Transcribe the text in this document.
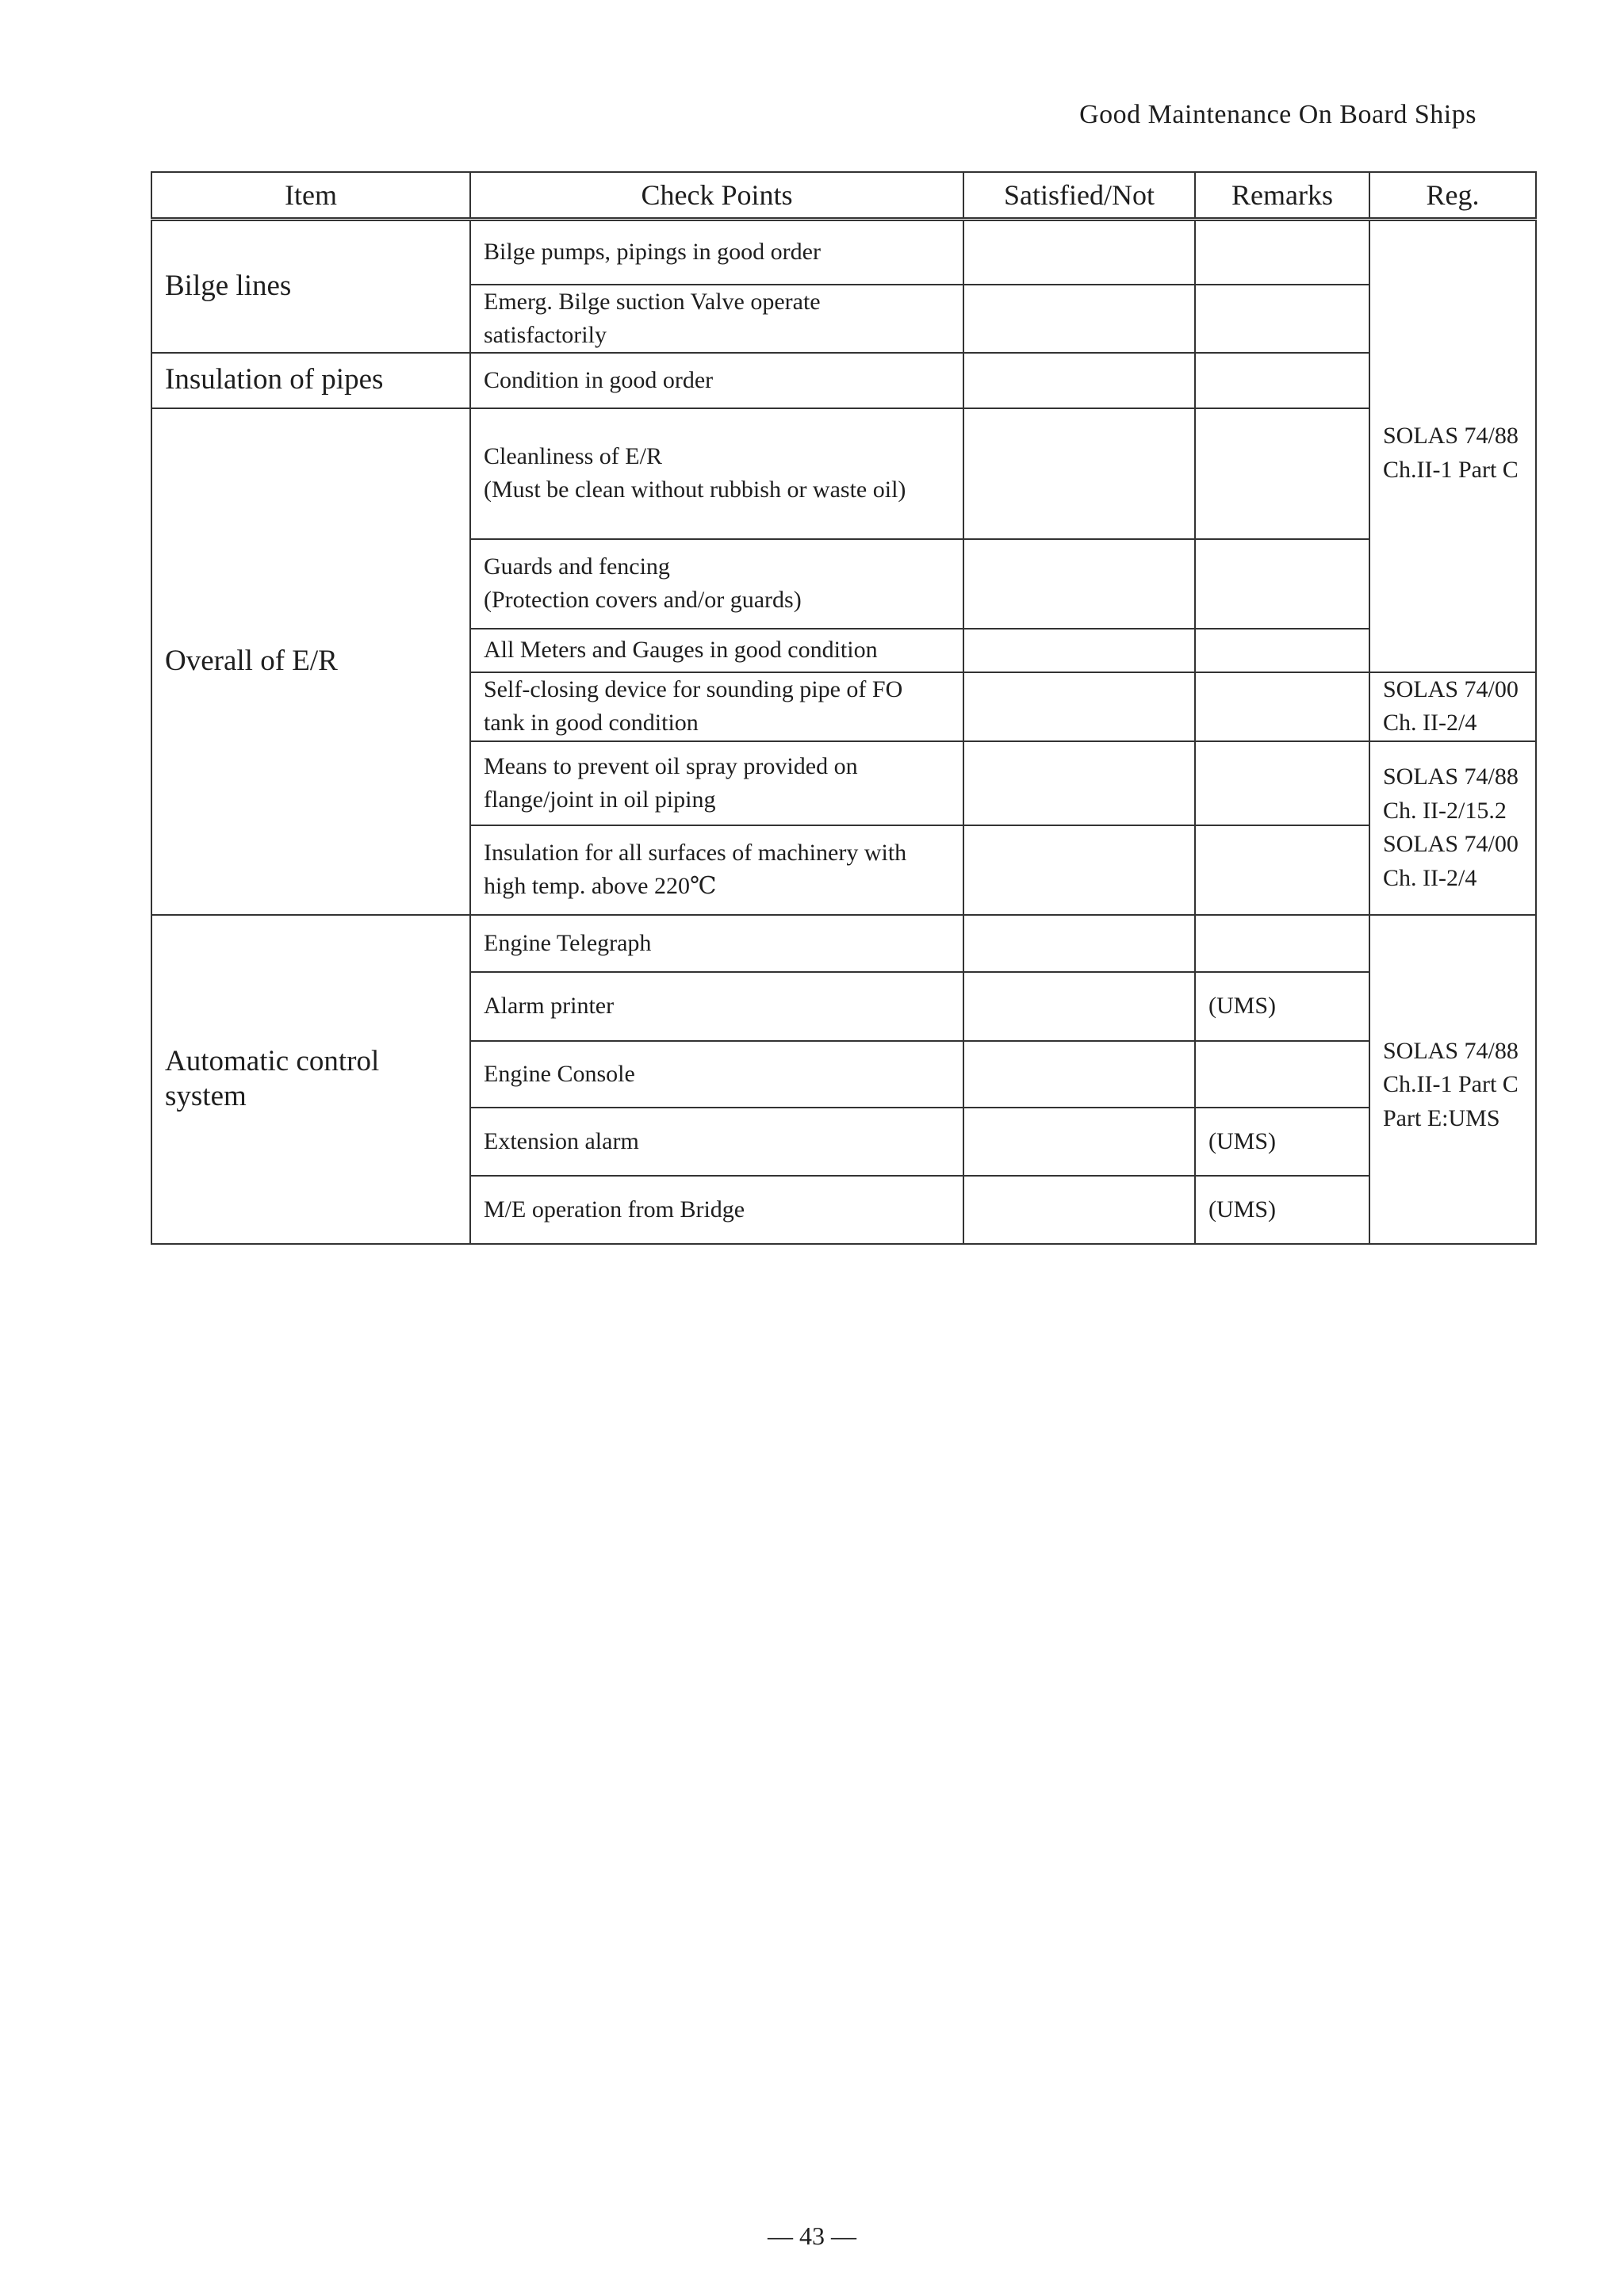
Good Maintenance On Board Ships
Item	Check Points	Satisfied/Not	Remarks	Reg.
Bilge lines	Bilge pumps, pipings in good order			SOLAS 74/88
Ch.II-1 Part C

	Emerg. Bilge suction Valve operate
satisfactorily			

Insulation of pipes	Condition in good order			

Overall of E/R	Cleanliness of E/R
(Must be clean without rubbish or waste oil)			

	Guards and fencing
(Protection covers and/or guards)			

	All Meters and Gauges in good condition			

	Self-closing device for sounding pipe of FO
tank in good condition			SOLAS 74/00
Ch. II-2/4

	Means to prevent oil spray provided on
flange/joint in oil piping			SOLAS 74/88
Ch. II-2/15.2
SOLAS 74/00
Ch. II-2/4

	Insulation for all surfaces of machinery with
high temp. above 220℃			

Automatic control
system	Engine Telegraph			SOLAS 74/88
Ch.II-1 Part C
Part E:UMS

	Alarm printer		(UMS)	

	Engine Console			

	Extension alarm		(UMS)	

	M/E operation from Bridge		(UMS)	
— 43 —
